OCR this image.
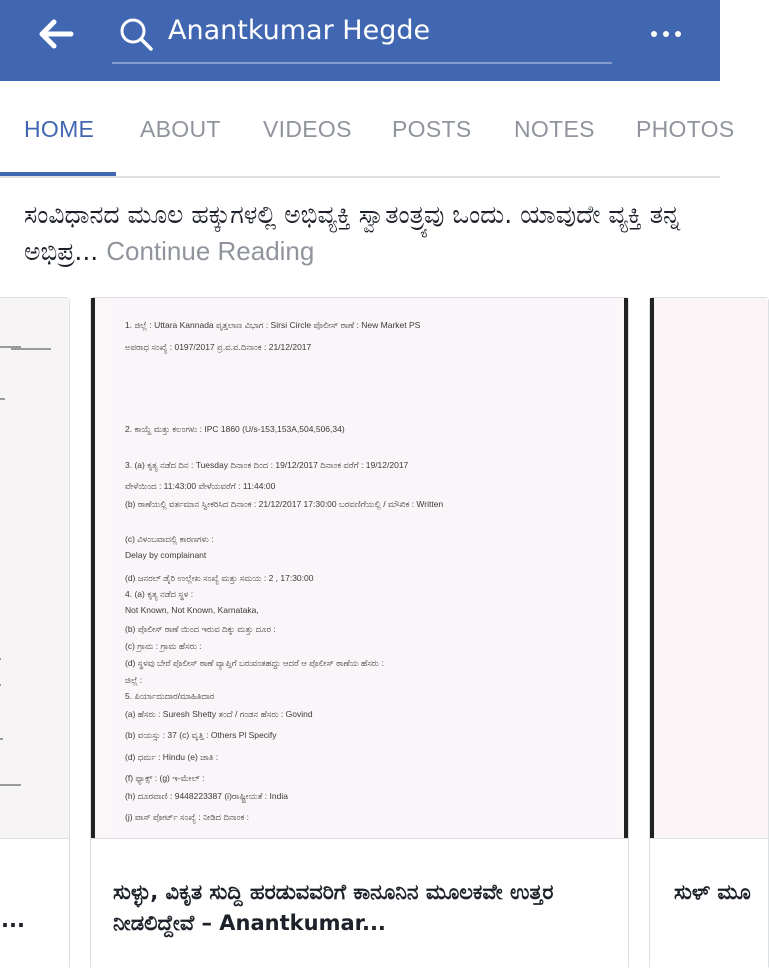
Anantkumar Hegde
HOME ABOUT VIDEOS POSTS NOTES PHOTOS
ಸಂವಿಧಾನದ ಮೂಲ ಹಕ್ಕುಗಳಲ್ಲಿ ಅಭಿವ್ಯಕ್ತಿ ಸ್ವಾತಂತ್ರ್ಯವು ಒಂದು. ಯಾವುದೇ ವ್ಯಕ್ತಿ ತನ್ನ ಅಭಿಪ್ರ... Continue Reading
...
1. ಜಿಲ್ಲೆ : Uttara Kannada ಪೃತ್ತಲಾಣ ವಿಭಾಗ : Sirsi Circle ಪೊಲೀಸ್ ಠಾಣೆ : New Market PS
ಅಪರಾಧ ಸಂಖ್ಯೆ : 0197/2017 ಪ್ರ.ವ.ವ.ದಿನಾಂಕ : 21/12/2017
2. ಕಾಯ್ದೆ ಮತ್ತು ಕಲಂಗಳು : IPC 1860 (U/s-153,153A,504,506,34)
3. (a) ಕೃತ್ಯ ನಡೆದ ದಿನ : Tuesday ದಿನಾಂಕ ದಿಂದ : 19/12/2017 ದಿನಾಂಕ ವರೆಗೆ : 19/12/2017
ವೇಳೆಯಿಂದ : 11:43:00 ವೇಳೆಯವರೆಗೆ : 11:44:00
(b) ಠಾಣೆಯಲ್ಲಿ ವರ್ತಮಾನ ಸ್ವೀಕರಿಸಿದ ದಿನಾಂಕ : 21/12/2017 17:30:00 ಬರವಣಿಗೆಯಲ್ಲಿ / ಮೌಖಿಕ : Written
(c) ವಿಳಂಬವಾದಲ್ಲಿ ಕಾರಣಗಳು :
Delay by complainant
(d) ಜನರಲ್ ಡೈರಿ ಉಲ್ಲೇಖ ಸಂಖ್ಯೆ ಮತ್ತು ಸಮಯ : 2 , 17:30:00
4. (a) ಕೃತ್ಯ ನಡೆದ ಸ್ಥಳ :
Not Known, Not Known, Karnataka,
(b) ಪೊಲೀಸ್ ಠಾಣೆ ಯಿಂದ ಇರುವ ದಿಕ್ಕು ಮತ್ತು ದೂರ :
(c) ಗ್ರಾಮ : ಗ್ರಾಮ ಹೆಸರು :
(d) ಸ್ಥಳವು ಬೇರೆ ಪೊಲೀಸ್ ಠಾಣೆ ವ್ಯಾಪ್ತಿಗೆ ಬರುವಂತಹದ್ದು ಆದರೆ ಆ ಪೊಲೀಸ್ ಠಾಣೆಯ ಹೆಸರು :
ಜಿಲ್ಲೆ :
5. ಪಿರ್ಯಾದುದಾರ/ಮಾಹಿತಿದಾರ
(a) ಹೆಸರು : Suresh Shetty ತಂದೆ / ಗಂಡನ ಹೆಸರು : Govind
(b) ವಯಸ್ಸು : 37 (c) ವೃತ್ತಿ : Others Pl Specify
(d) ಧರ್ಮ : Hindu (e) ಜಾತಿ :
(f) ಫ್ಯಾಕ್ಸ್ : (g) ಇ-ಮೇಲ್ :
(h) ದೂರವಾಣಿ : 9448223387 (i)ರಾಷ್ಟ್ರೀಯತೆ : India
(j) ಪಾಸ್ ಪೋರ್ಟ್ ಸಂಖ್ಯೆ : ನೀಡಿದ ದಿನಾಂಕ :
ಸುಳ್ಳು, ವಿಕೃತ ಸುದ್ದಿ ಹರಡುವವರಿಗೆ ಕಾನೂನಿನ ಮೂಲಕವೇ ಉತ್ತರ ನೀಡಲಿದ್ದೇವೆ – Anantkumar...
ಸುಳ್ ಮೂ
